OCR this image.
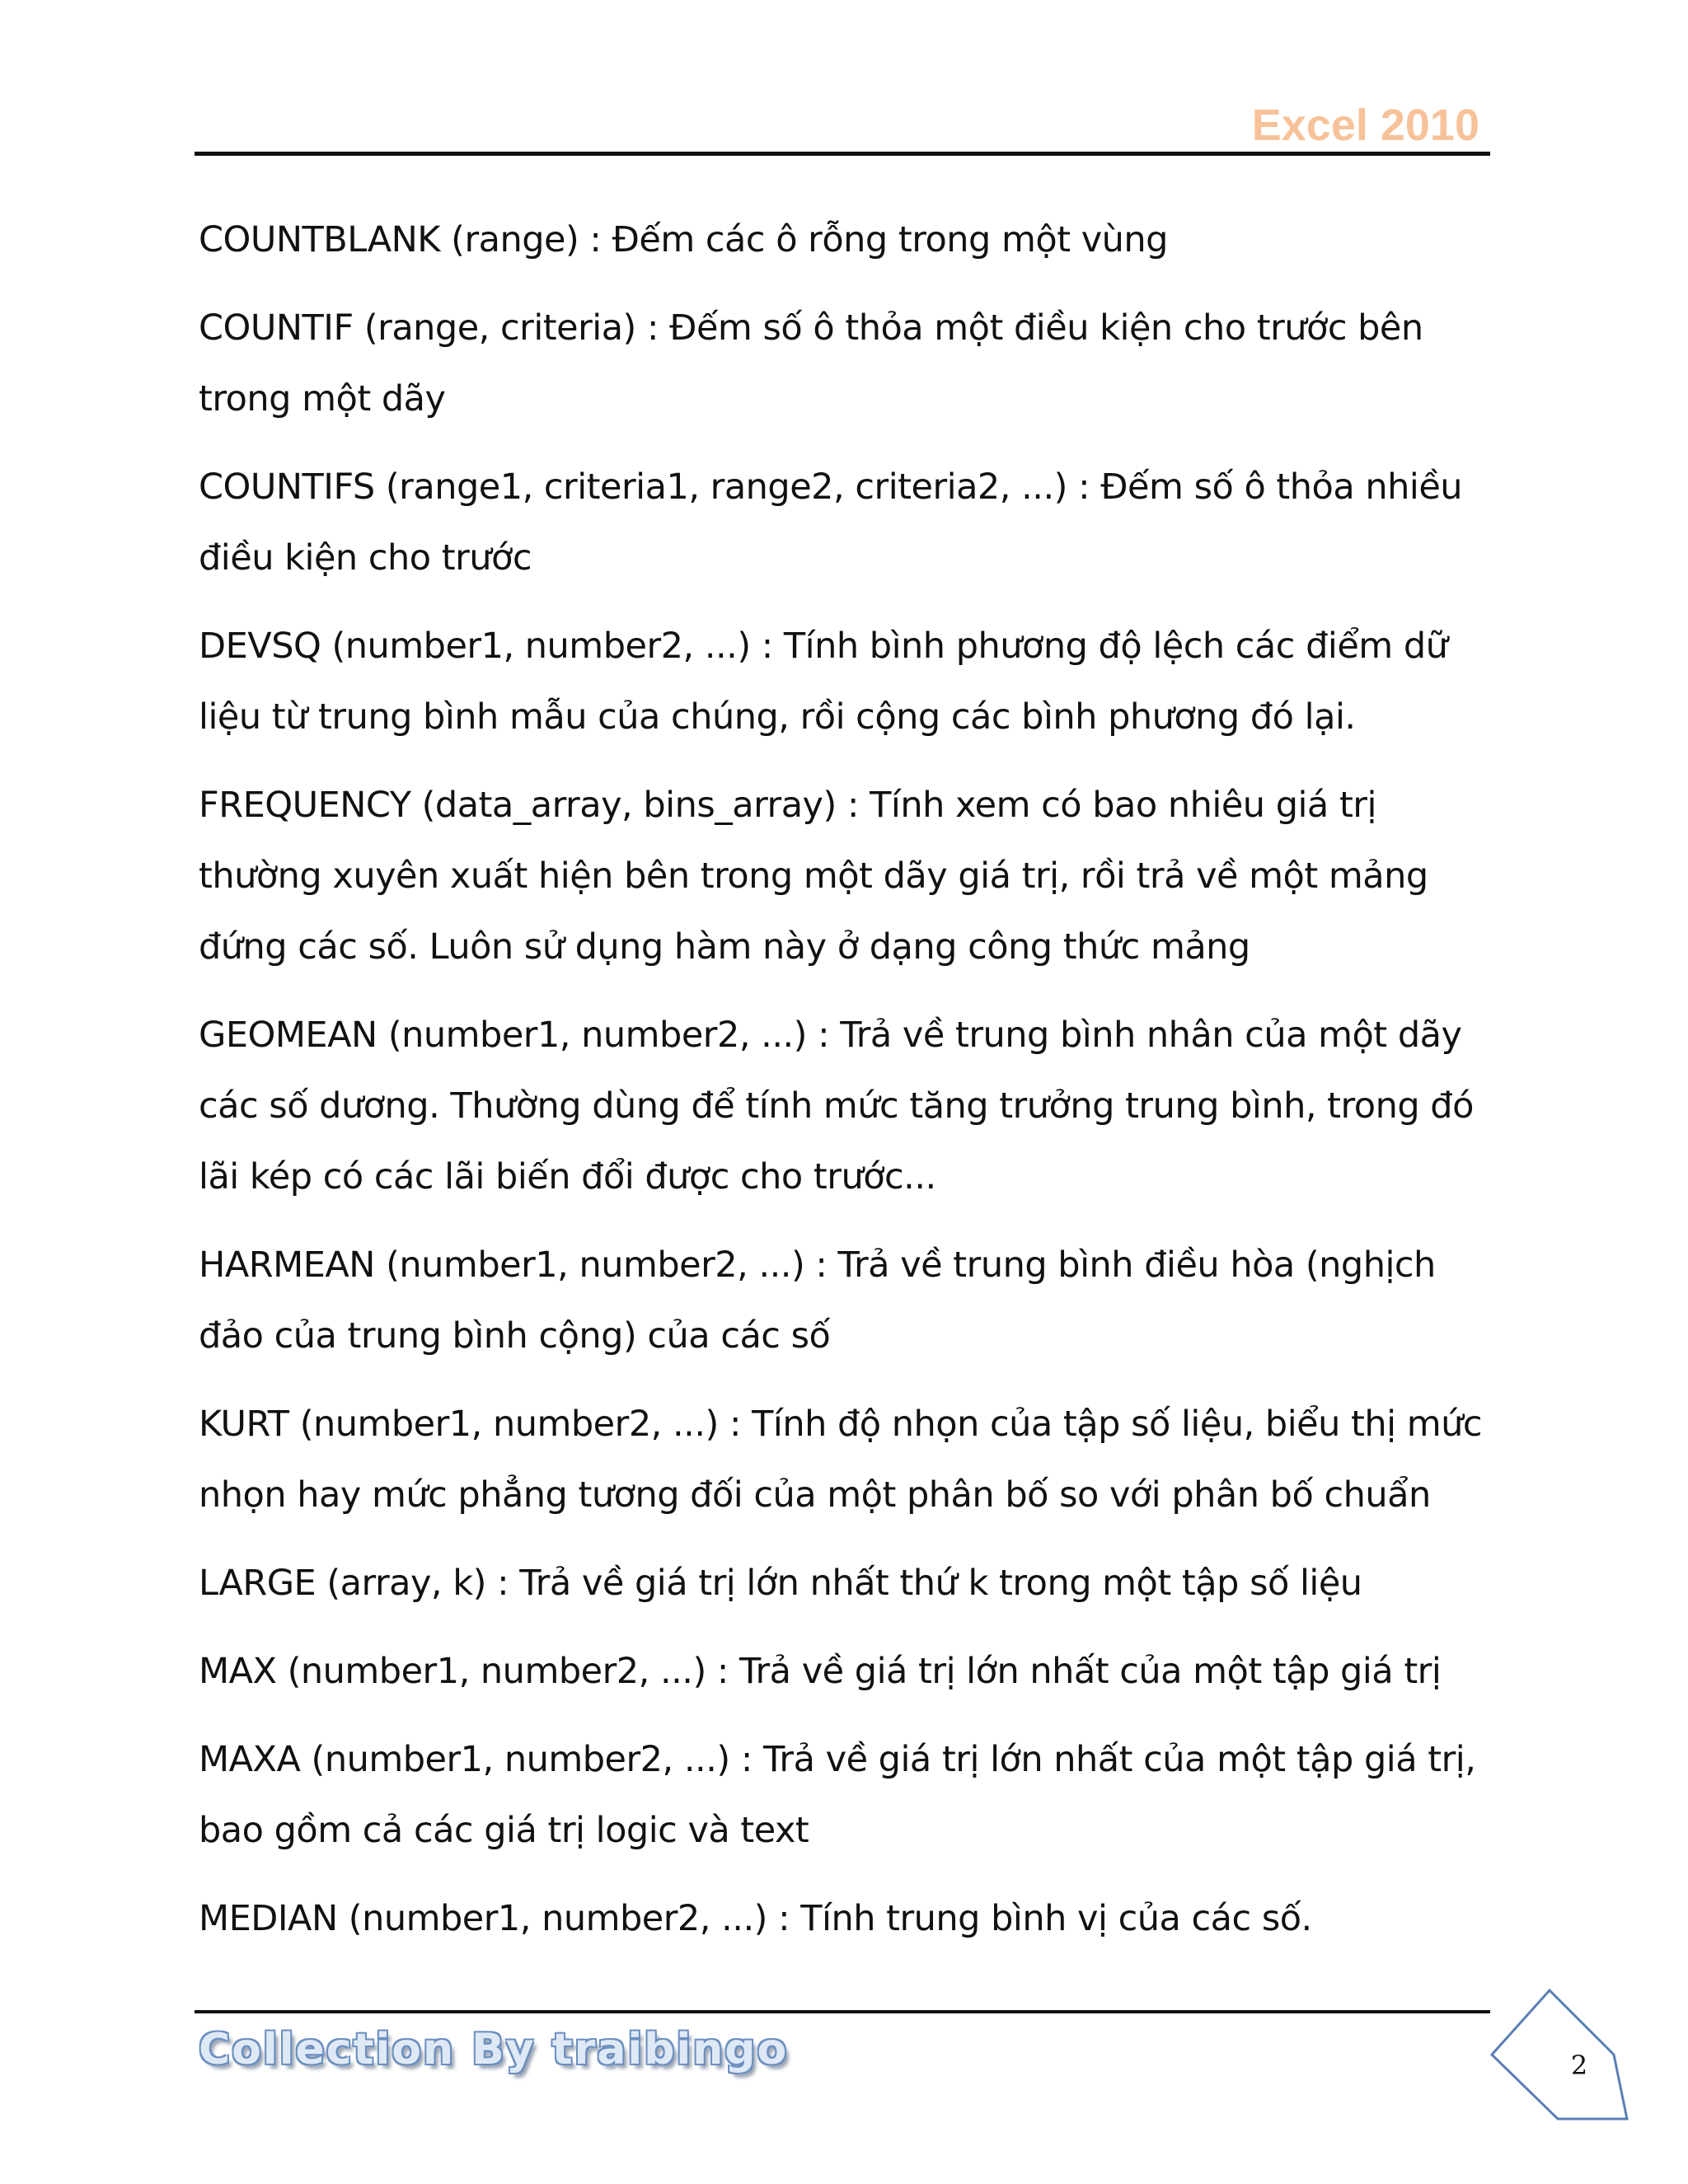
Excel 2010

COUNTBLANK (range) : Đếm các ô rỗng trong một vùng

COUNTIF (range, criteria) : Đếm số ô thỏa một điều kiện cho trước bên trong một dãy

COUNTIFS (range1, criteria1, range2, criteria2, ...) : Đếm số ô thỏa nhiều điều kiện cho trước

DEVSQ (number1, number2, ...) : Tính bình phương độ lệch các điểm dữ liệu từ trung bình mẫu của chúng, rồi cộng các bình phương đó lại.

FREQUENCY (data_array, bins_array) : Tính xem có bao nhiêu giá trị thường xuyên xuất hiện bên trong một dãy giá trị, rồi trả về một mảng đứng các số. Luôn sử dụng hàm này ở dạng công thức mảng

GEOMEAN (number1, number2, ...) : Trả về trung bình nhân của một dãy các số dương. Thường dùng để tính mức tăng trưởng trung bình, trong đó lãi kép có các lãi biến đổi được cho trước...

HARMEAN (number1, number2, ...) : Trả về trung bình điều hòa (nghịch đảo của trung bình cộng) của các số

KURT (number1, number2, ...) : Tính độ nhọn của tập số liệu, biểu thị mức nhọn hay mức phẳng tương đối của một phân bố so với phân bố chuẩn

LARGE (array, k) : Trả về giá trị lớn nhất thứ k trong một tập số liệu

MAX (number1, number2, ...) : Trả về giá trị lớn nhất của một tập giá trị

MAXA (number1, number2, ...) : Trả về giá trị lớn nhất của một tập giá trị, bao gồm cả các giá trị logic và text

MEDIAN (number1, number2, ...) : Tính trung bình vị của các số.

Collection By traibingo	2
